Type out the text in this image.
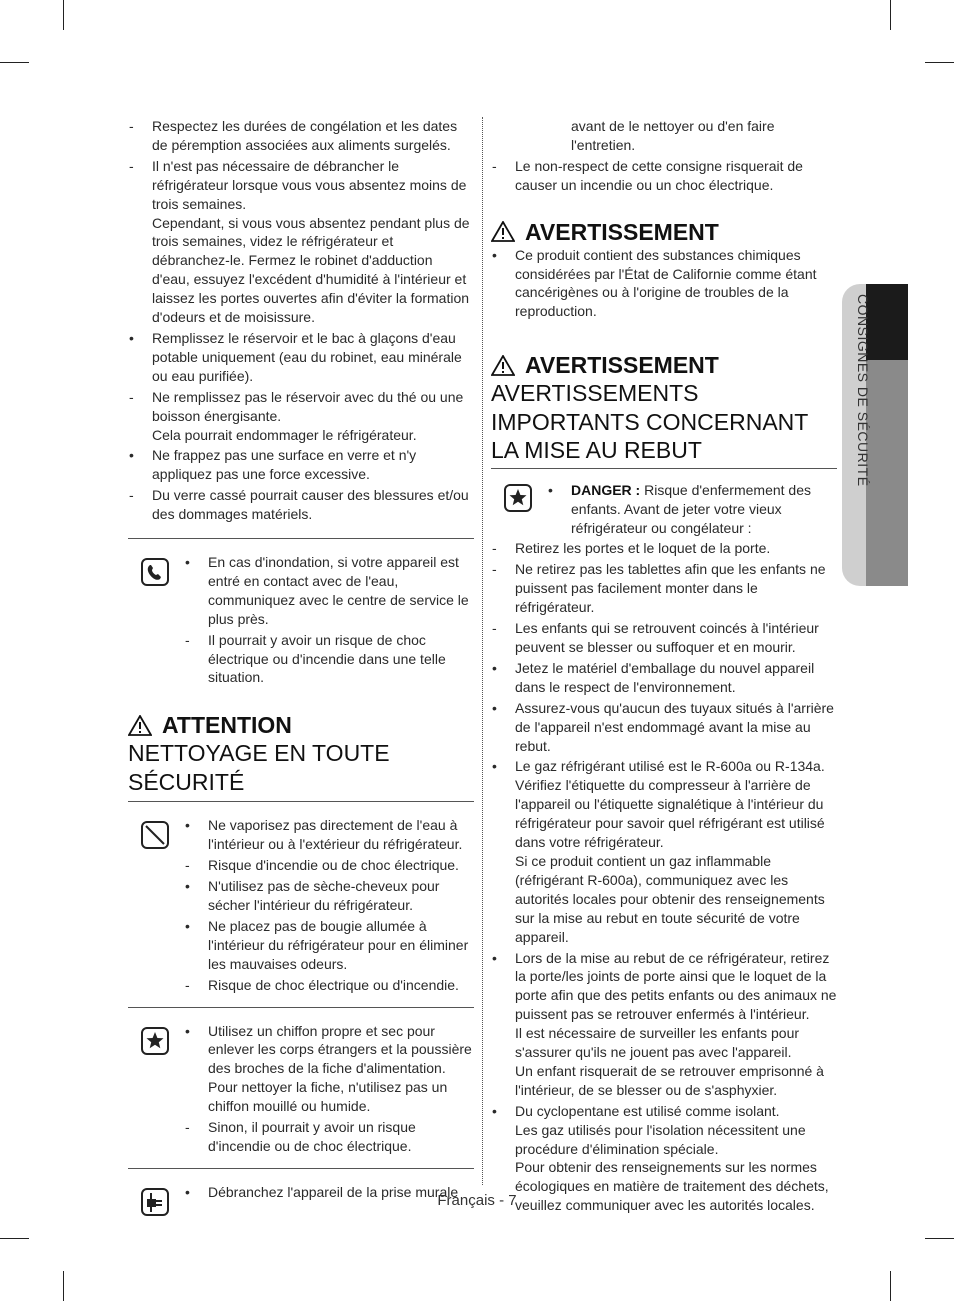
- Respectez les durées de congélation et les dates de péremption associées aux aliments surgelés.
- Il n'est pas nécessaire de débrancher le réfrigérateur lorsque vous vous absentez moins de trois semaines.
Cependant, si vous vous absentez pendant plus de trois semaines, videz le réfrigérateur et débranchez-le. Fermez le robinet d'adduction d'eau, essuyez l'excédent d'humidité à l'intérieur et laissez les portes ouvertes afin d'éviter la formation d'odeurs et de moisissure.
• Remplissez le réservoir et le bac à glaçons d'eau potable uniquement (eau du robinet, eau minérale ou eau purifiée).
- Ne remplissez pas le réservoir avec du thé ou une boisson énergisante.
Cela pourrait endommager le réfrigérateur.
• Ne frappez pas une surface en verre et n'y appliquez pas une force excessive.
- Du verre cassé pourrait causer des blessures et/ou des dommages matériels.
• En cas d'inondation, si votre appareil est entré en contact avec de l'eau, communiquez avec le centre de service le plus près.
- Il pourrait y avoir un risque de choc électrique ou d'incendie dans une telle situation.
ATTENTION
NETTOYAGE EN TOUTE
SÉCURITÉ
• Ne vaporisez pas directement de l'eau à l'intérieur ou à l'extérieur du réfrigérateur.
- Risque d'incendie ou de choc électrique.
• N'utilisez pas de sèche-cheveux pour sécher l'intérieur du réfrigérateur.
• Ne placez pas de bougie allumée à l'intérieur du réfrigérateur pour en éliminer les mauvaises odeurs.
- Risque de choc électrique ou d'incendie.
• Utilisez un chiffon propre et sec pour enlever les corps étrangers et la poussière des broches de la fiche d'alimentation. Pour nettoyer la fiche, n'utilisez pas un chiffon mouillé ou humide.
- Sinon, il pourrait y avoir un risque d'incendie ou de choc électrique.
• Débranchez l'appareil de la prise murale
avant de le nettoyer ou d'en faire l'entretien.
- Le non-respect de cette consigne risquerait de causer un incendie ou un choc électrique.
AVERTISSEMENT
• Ce produit contient des substances chimiques considérées par l'État de Californie comme étant cancérigènes ou à l'origine de troubles de la reproduction.
AVERTISSEMENT
AVERTISSEMENTS IMPORTANTS CONCERNANT LA MISE AU REBUT
• DANGER : Risque d'enfermement des enfants. Avant de jeter votre vieux réfrigérateur ou congélateur :
- Retirez les portes et le loquet de la porte.
- Ne retirez pas les tablettes afin que les enfants ne puissent pas facilement monter dans le réfrigérateur.
- Les enfants qui se retrouvent coincés à l'intérieur peuvent se blesser ou suffoquer et en mourir.
• Jetez le matériel d'emballage du nouvel appareil dans le respect de l'environnement.
• Assurez-vous qu'aucun des tuyaux situés à l'arrière de l'appareil n'est endommagé avant la mise au rebut.
• Le gaz réfrigérant utilisé est le R-600a ou R-134a.
Vérifiez l'étiquette du compresseur à l'arrière de l'appareil ou l'étiquette signalétique à l'intérieur du réfrigérateur pour savoir quel réfrigérant est utilisé dans votre réfrigérateur.
Si ce produit contient un gaz inflammable (réfrigérant R-600a), communiquez avec les autorités locales pour obtenir des renseignements sur la mise au rebut en toute sécurité de votre appareil.
• Lors de la mise au rebut de ce réfrigérateur, retirez la porte/les joints de porte ainsi que le loquet de la porte afin que des petits enfants ou des animaux ne puissent pas se retrouver enfermés à l'intérieur.
Il est nécessaire de surveiller les enfants pour s'assurer qu'ils ne jouent pas avec l'appareil.
Un enfant risquerait de se retrouver emprisonné à l'intérieur, de se blesser ou de s'asphyxier.
• Du cyclopentane est utilisé comme isolant.
Les gaz utilisés pour l'isolation nécessitent une procédure d'élimination spéciale.
Pour obtenir des renseignements sur les normes écologiques en matière de traitement des déchets, veuillez communiquer avec les autorités locales.
CONSIGNES DE SÉCURITÉ
Français - 7
